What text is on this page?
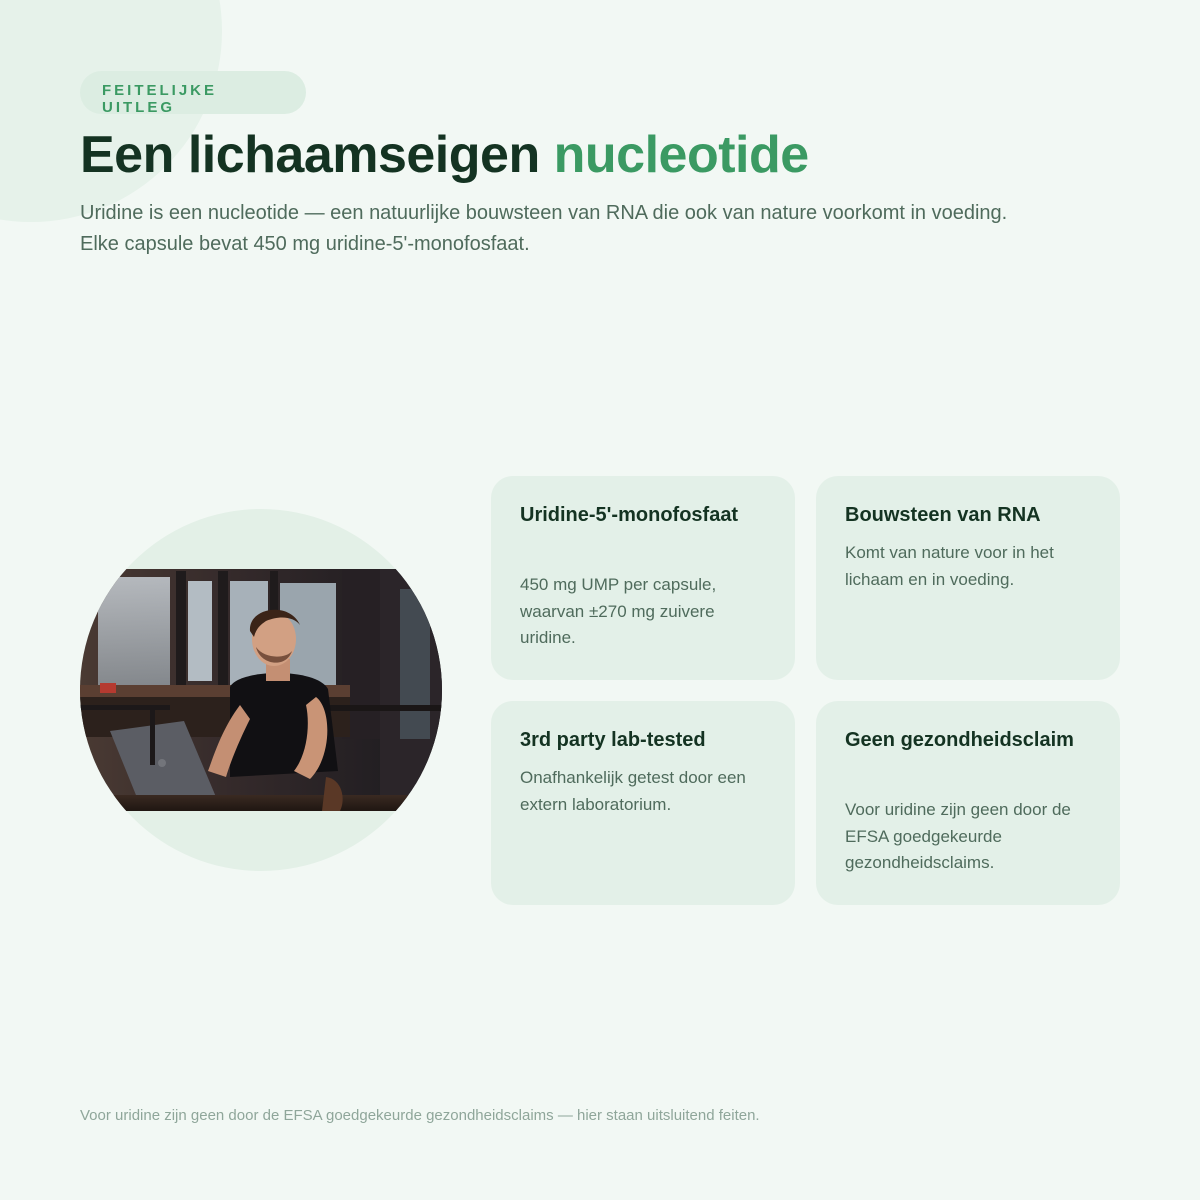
FEITELIJKE
UITLEG
Een lichaamseigen nucleotide

Uridine is een nucleotide — een natuurlijke bouwsteen van RNA die ook van nature voorkomt in voeding. Elke capsule bevat 450 mg uridine-5'-monofosfaat.

Uridine-5'-monofosfaat

450 mg UMP per capsule, waarvan ±270 mg zuivere uridine.

Bouwsteen van RNA

Komt van nature voor in het lichaam en in voeding.

3rd party lab-tested

Onafhankelijk getest door een extern laboratorium.

Geen gezondheidsclaim

Voor uridine zijn geen door de EFSA goedgekeurde gezondheidsclaims.

Voor uridine zijn geen door de EFSA goedgekeurde gezondheidsclaims — hier staan uitsluitend feiten.
